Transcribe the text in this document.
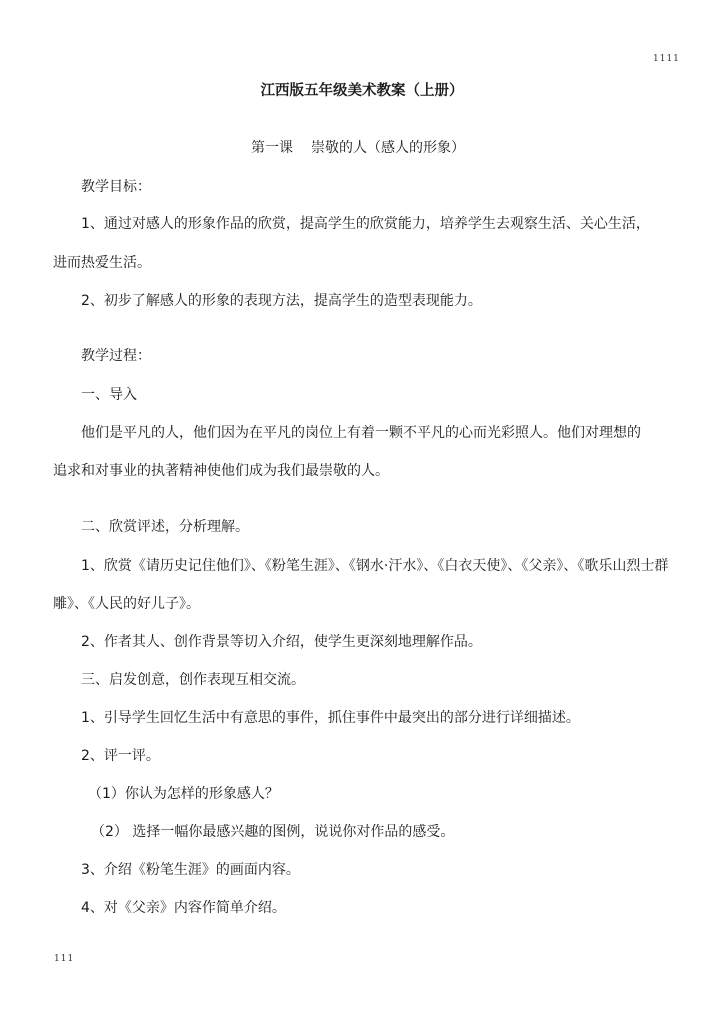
1111
江西版五年级美术教案（上册）
第一课 崇敬的人（感人的形象）
教学目标：
1、通过对感人的形象作品的欣赏，提高学生的欣赏能力，培养学生去观察生活、关心生活，
进而热爱生活。
2、初步了解感人的形象的表现方法，提高学生的造型表现能力。
教学过程：
一、导入
他们是平凡的人，他们因为在平凡的岗位上有着一颗不平凡的心而光彩照人。他们对理想的
追求和对事业的执著精神使他们成为我们最崇敬的人。
二、欣赏评述，分析理解。
1、欣赏《请历史记住他们》、《粉笔生涯》、《钢水·汗水》、《白衣天使》、《父亲》、《歌乐山烈士群
雕》、《人民的好儿子》。
2、作者其人、创作背景等切入介绍，使学生更深刻地理解作品。
三、启发创意，创作表现互相交流。
1、引导学生回忆生活中有意思的事件，抓住事件中最突出的部分进行详细描述。
2、评一评。
（1）你认为怎样的形象感人？
（2） 选择一幅你最感兴趣的图例，说说你对作品的感受。
3、介绍《粉笔生涯》的画面内容。
4、对《父亲》内容作简单介绍。
111
